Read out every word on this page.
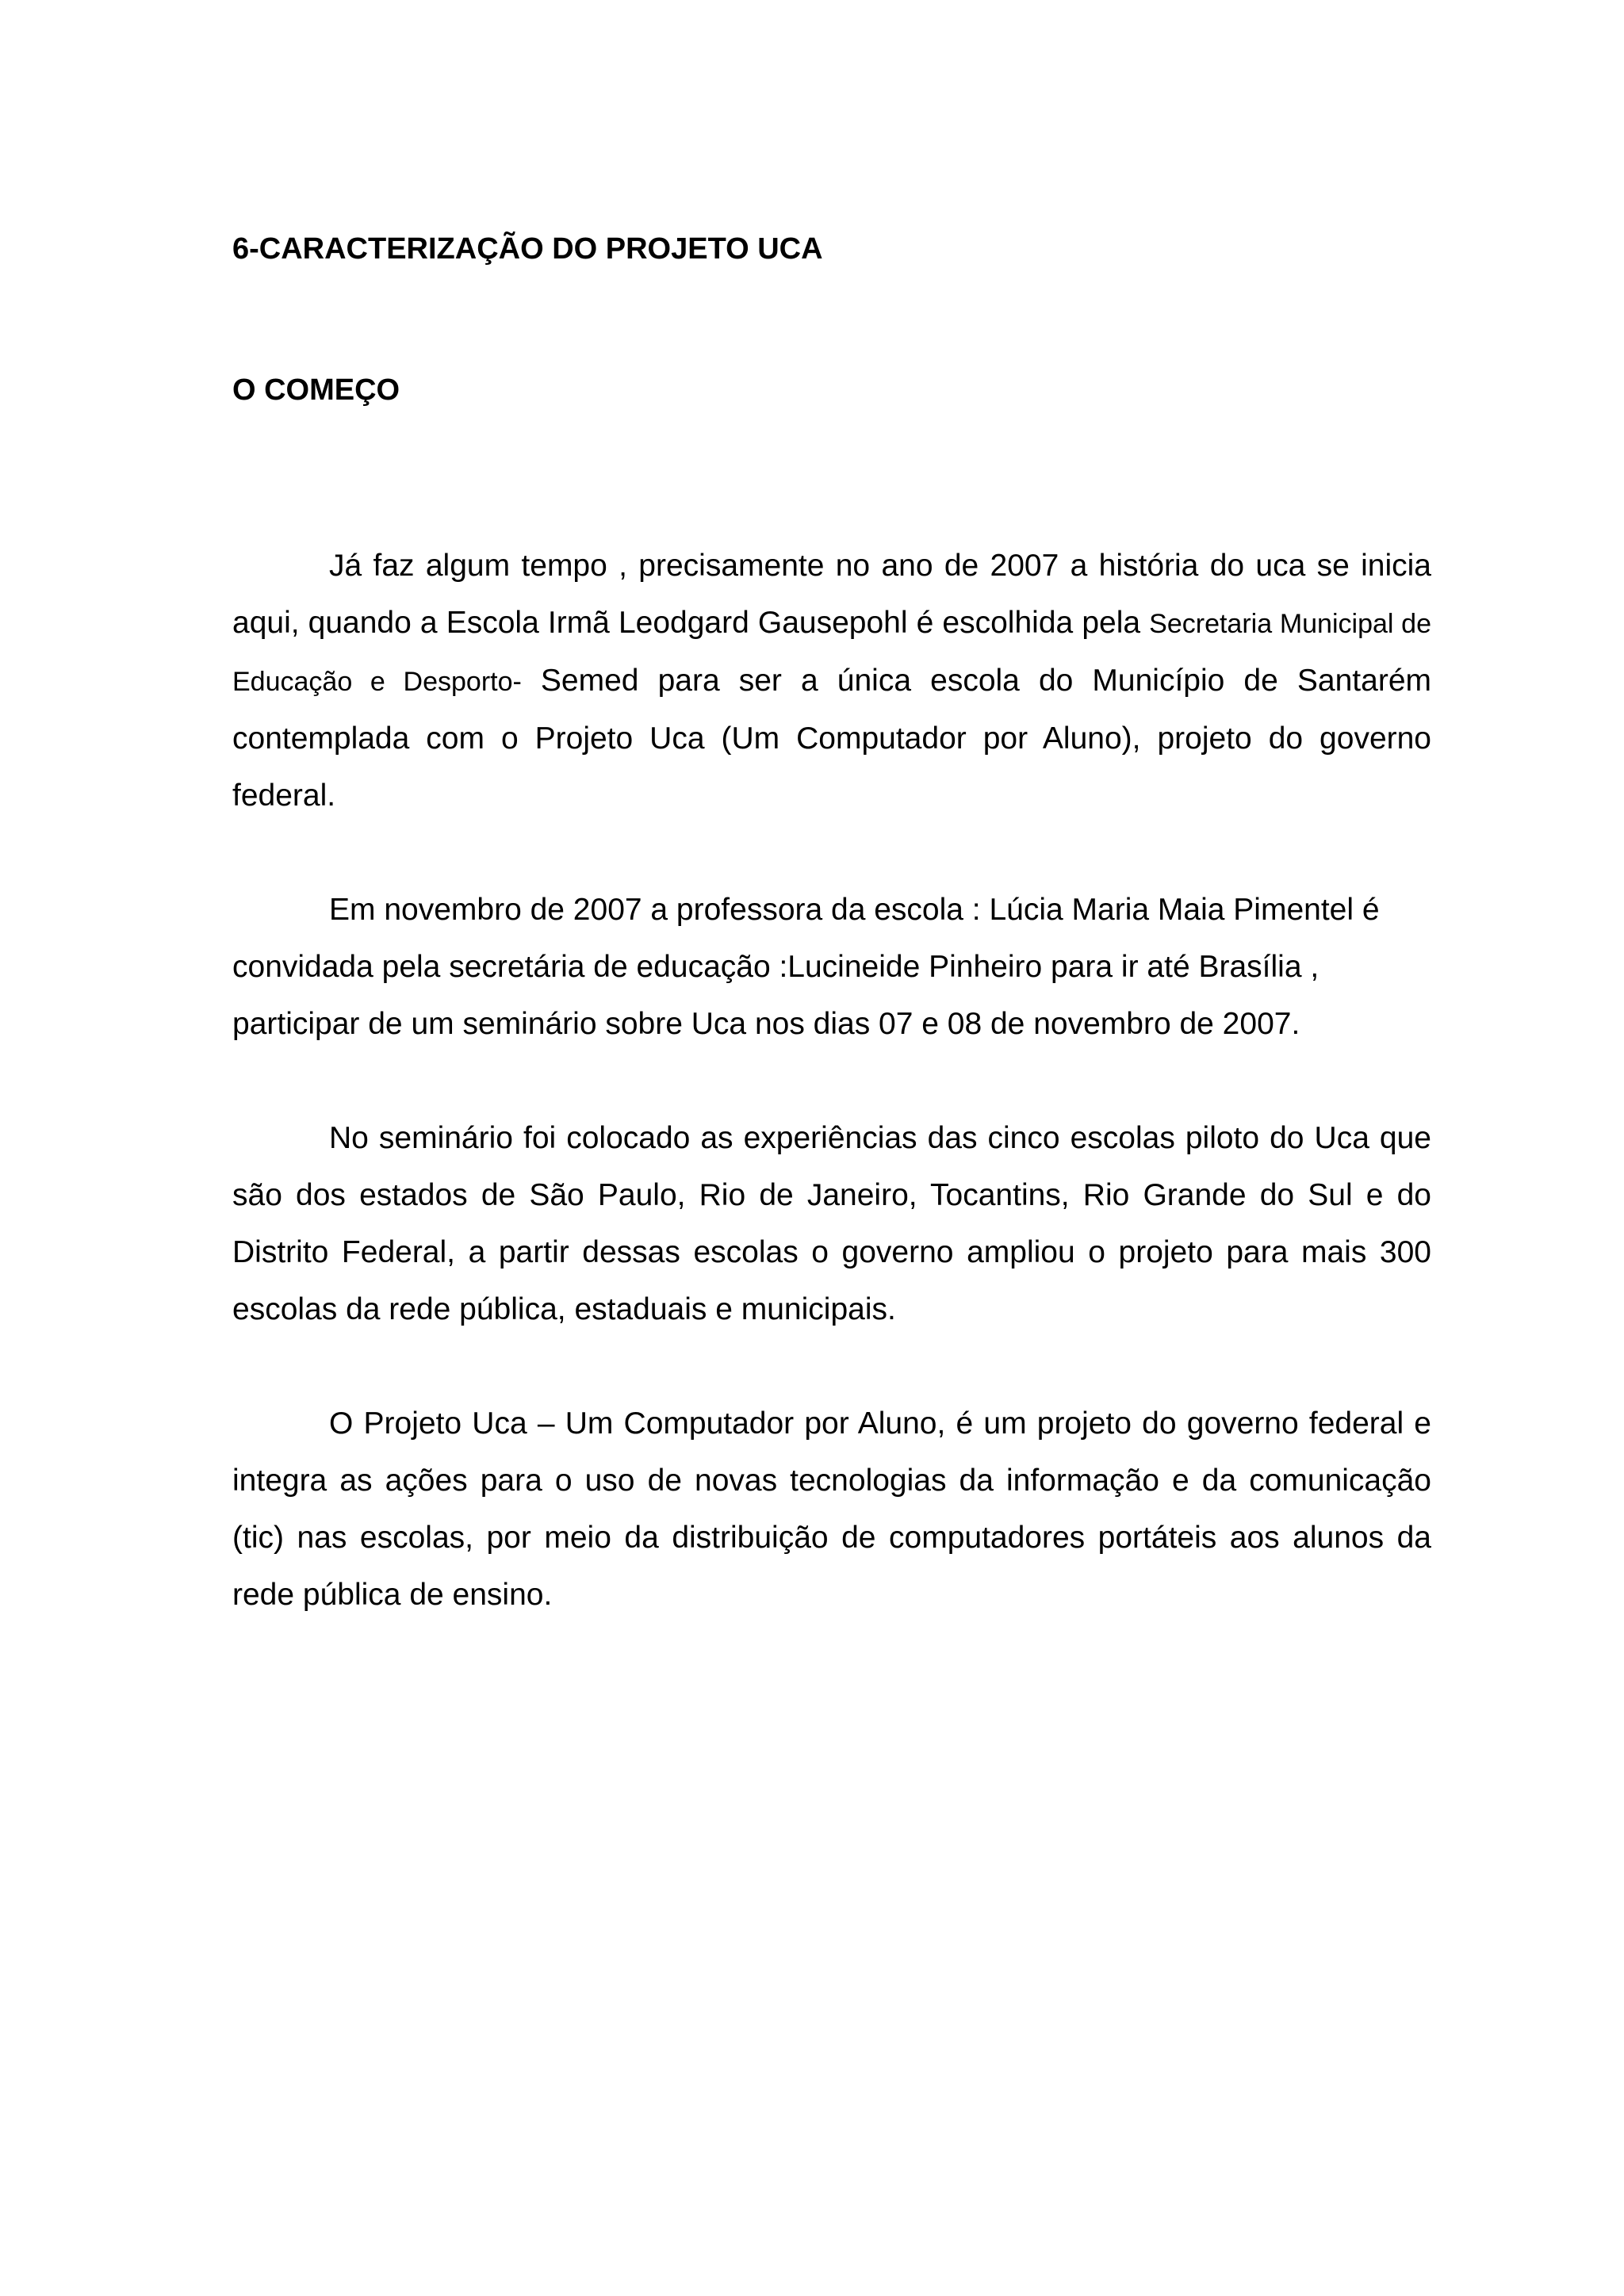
6-CARACTERIZAÇÃO DO PROJETO UCA
O COMEÇO

Já faz algum tempo , precisamente no ano de 2007 a história do uca se inicia aqui, quando a Escola Irmã Leodgard Gausepohl é escolhida pela Secretaria Municipal de Educação e Desporto- Semed para ser a única escola do Município de Santarém contemplada com o Projeto Uca (Um Computador por Aluno), projeto do governo federal.

Em novembro de 2007 a professora da escola : Lúcia Maria Maia Pimentel é convidada pela secretária de educação :Lucineide Pinheiro para ir até Brasília , participar de um seminário sobre Uca nos dias 07 e 08 de novembro de 2007.

No seminário foi colocado as experiências das cinco escolas piloto do Uca que são dos estados de São Paulo, Rio de Janeiro, Tocantins, Rio Grande do Sul e do Distrito Federal, a partir dessas escolas o governo ampliou o projeto para mais 300 escolas da rede pública, estaduais e municipais.

O Projeto Uca – Um Computador por Aluno, é um projeto do governo federal e integra as ações para o uso de novas tecnologias da informação e da comunicação (tic) nas escolas, por meio da distribuição de computadores portáteis aos alunos da rede pública de ensino.
